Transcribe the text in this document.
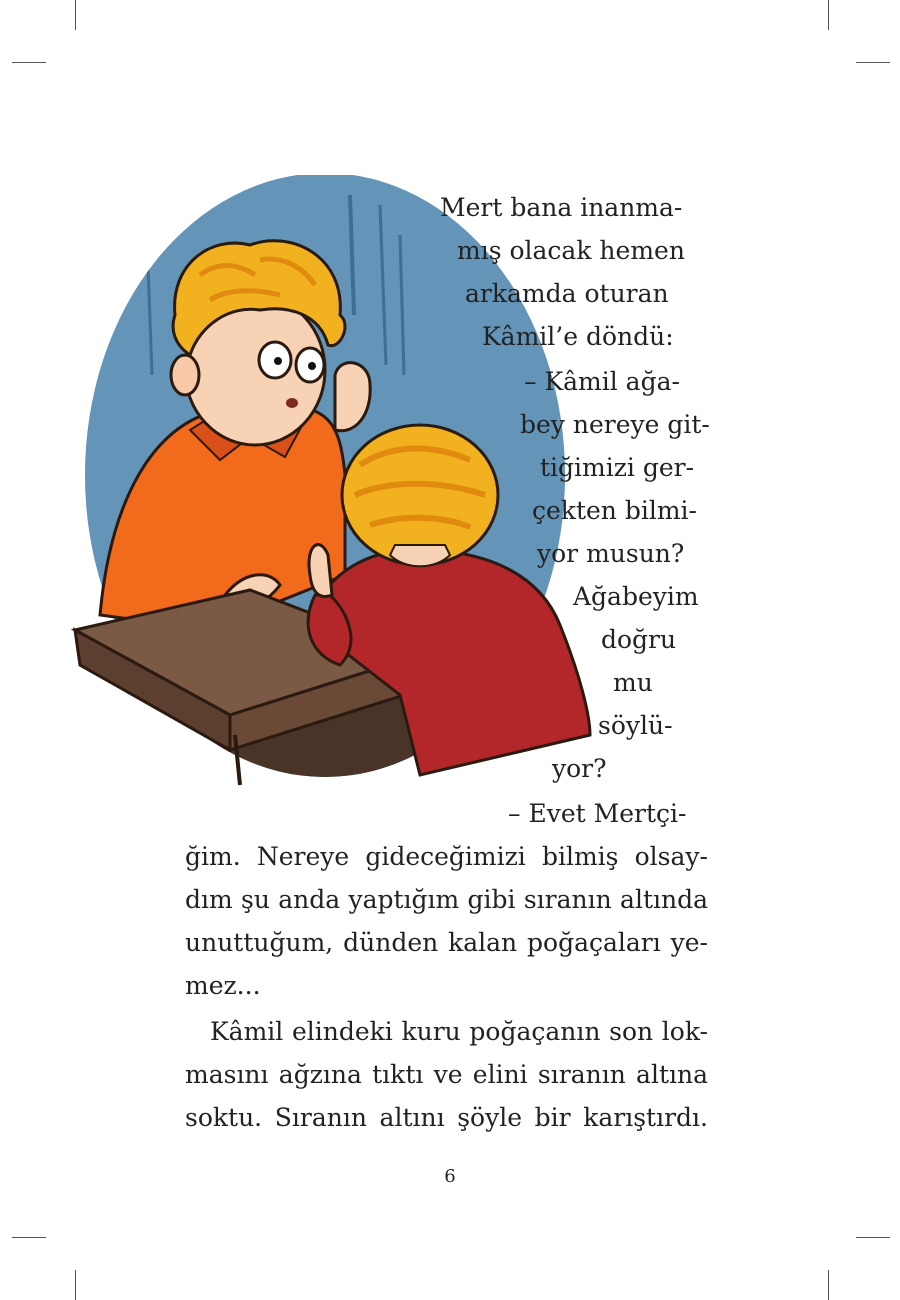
Mert bana inanma-
mış olacak hemen
arkamda oturan
Kâmil’e döndü:
– Kâmil ağa-
bey nereye git-
tiğimizi ger-
çekten bilmi-
yor musun?
Ağabeyim
doğru
mu
söylü-
yor?
– Evet Mertçi-
ğim. Nereye gideceğimizi bilmiş olsay-
dım şu anda yaptığım gibi sıranın altında
unuttuğum, dünden kalan poğaçaları ye-
mez...
Kâmil elindeki kuru poğaçanın son lok-
masını ağzına tıktı ve elini sıranın altına
soktu. Sıranın altını şöyle bir karıştırdı.
6
